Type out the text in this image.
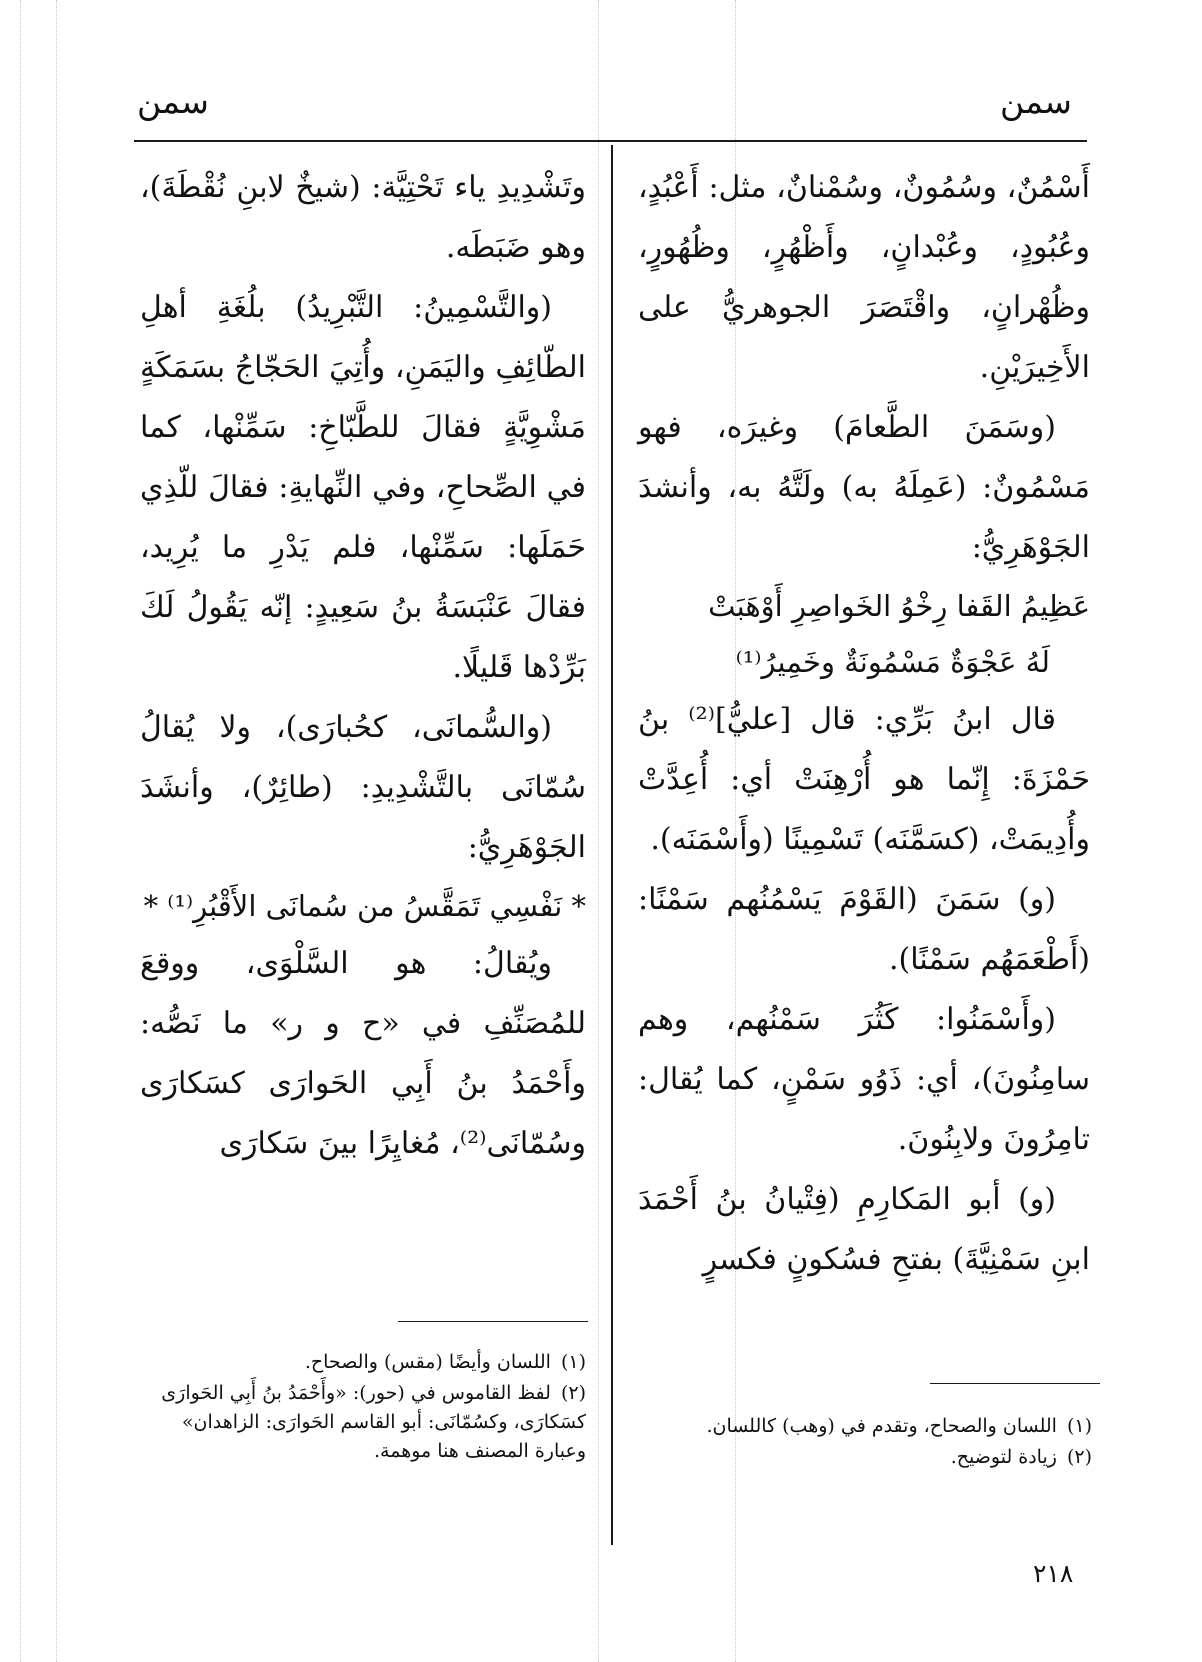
سمن
سمن

أَسْمُنٌ، وسُمُونٌ، وسُمْنانٌ، مثل: أَعْبُدٍ، وعُبُودٍ، وعُبْدانٍ، وأَظْهُرٍ، وظُهُورٍ، وظُهْرانٍ، واقْتَصَرَ الجوهريُّ على الأَخِيرَيْنِ.

(وسَمَنَ الطَّعامَ) وغيرَه، فهو مَسْمُونٌ: (عَمِلَهُ به) ولَتَّهُ به، وأنشدَ الجَوْهَرِيُّ:

عَظِيمُ القَفا رِخْوُ الخَواصِرِ أَوْهَبَتْ

لَهُ عَجْوَةٌ مَسْمُونَةٌ وخَمِيرُ⁽¹⁾

قال ابنُ بَرِّي: قال [عليُّ]⁽²⁾ بنُ حَمْزَةَ: إِنّما هو أُرْهِنَتْ أي: أُعِدَّتْ وأُدِيمَتْ، (كسَمَّنَه) تَسْمِينًا (وأَسْمَنَه).

(و) سَمَنَ (القَوْمَ يَسْمُنُهم سَمْنًا: (أَطْعَمَهُم سَمْنًا).

(وأَسْمَنُوا: كَثُرَ سَمْنُهم، وهم سامِنُونَ)، أي: ذَوُو سَمْنٍ، كما يُقال: تامِرُونَ ولابِنُونَ.

(و) أبو المَكارِمِ (فِتْيانُ بنُ أَحْمَدَ ابنِ سَمْنِيَّةَ) بفتحِ فسُكونٍ فكسرٍ

(١)اللسان والصحاح، وتقدم في (وهب) كاللسان.

(٢)زيادة لتوضيح.

وتَشْدِيدِ ياء تَحْتِيَّة: (شيخٌ لابنِ نُقْطَةَ)، وهو ضَبَطَه.

(والتَّسْمِينُ: التَّبْرِيدُ) بلُغَةِ أهلِ الطّائِفِ واليَمَنِ، وأُتِيَ الحَجّاجُ بسَمَكَةٍ مَشْوِيَّةٍ فقالَ للطَّبّاخِ: سَمِّنْها، كما في الصِّحاحِ، وفي النِّهايةِ: فقالَ للّذِي حَمَلَها: سَمِّنْها، فلم يَدْرِ ما يُرِيد، فقالَ عَنْبَسَةُ بنُ سَعِيدٍ: إنّه يَقُولُ لَكَ بَرِّدْها قَليلًا.

(والسُّمانَى، كحُبارَى)، ولا يُقالُ سُمّانَى بالتَّشْدِيدِ: (طائِرٌ)، وأنشَدَ الجَوْهَرِيُّ:

* نَفْسِي تَمَقَّسُ من سُمانَى الأَقْبُرِ⁽¹⁾ *

ويُقالُ: هو السَّلْوَى، ووقعَ للمُصَنِّفِ في «ح و ر» ما نَصُّه: وأَحْمَدُ بنُ أَبِي الحَوارَى كسَكارَى وسُمّانَى⁽²⁾، مُغايِرًا بينَ سَكارَى

(١)اللسان وأيضًا (مقس) والصحاح.

(٢)لفظ القاموس في (حور): «وأَحْمَدُ بنُ أَبِي الحَوارَى كسَكارَى، وكسُمّانَى: أبو القاسم الحَوارَى: الزاهدان» وعبارة المصنف هنا موهمة.

٢١٨
